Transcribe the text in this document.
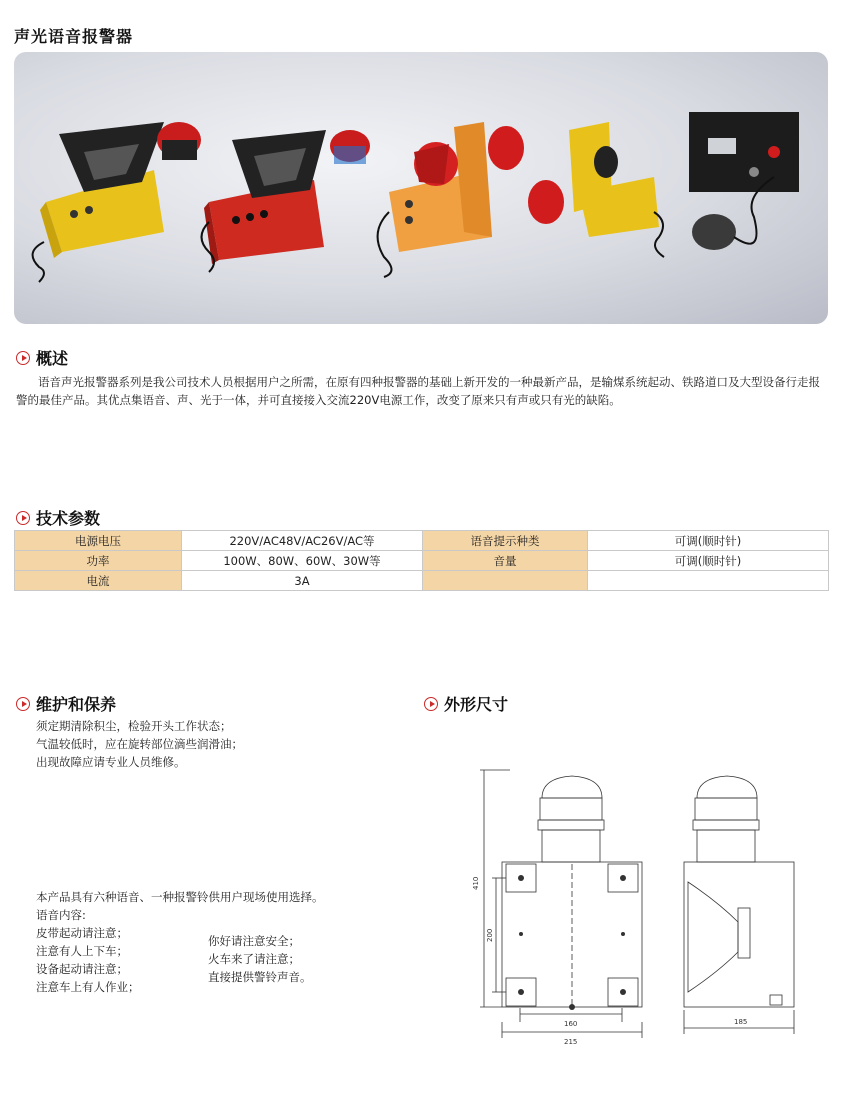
声光语音报警器
概述
语音声光报警器系列是我公司技术人员根据用户之所需，在原有四种报警器的基础上新开发的一种最新产品，是输煤系统起动、铁路道口及大型设备行走报警的最佳产品。其优点集语音、声、光于一体，并可直接接入交流220V电源工作，改变了原来只有声或只有光的缺陷。
技术参数
电源电压	220V/AC48V/AC26V/AC等	语音提示种类	可调(顺时针)
功率	100W、80W、60W、30W等	音量	可调(顺时针)
电流	3A		
维护和保养
须定期清除积尘，检验开头工作状态；
气温较低时，应在旋转部位滴些润滑油；
出现故障应请专业人员维修。
外形尺寸
410
200
160
215
185
本产品具有六种语音、一种报警铃供用户现场使用选择。
语音内容:
皮带起动请注意；
注意有人上下车；
设备起动请注意；
注意车上有人作业；
你好请注意安全；
火车来了请注意；
直接提供警铃声音。
